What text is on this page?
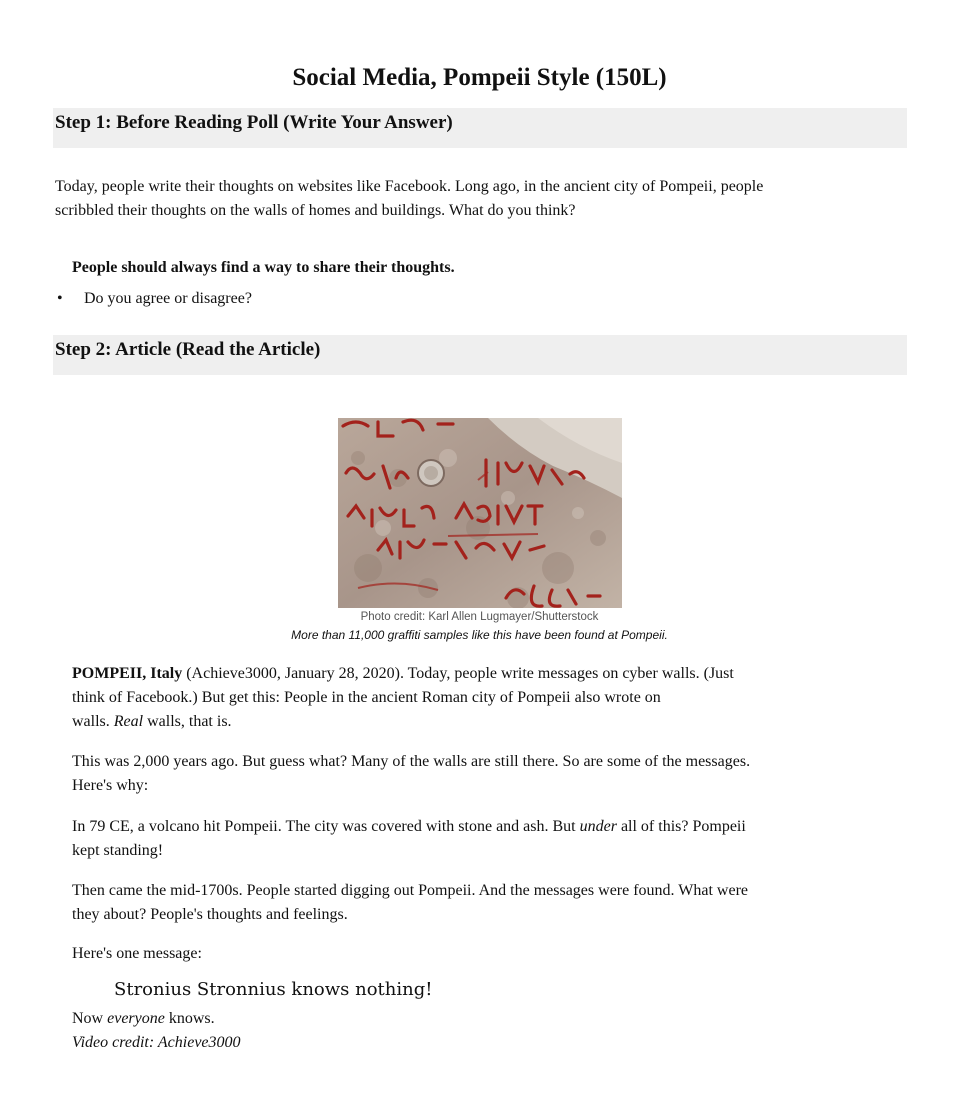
Social Media, Pompeii Style (150L)
Step 1: Before Reading Poll (Write Your Answer)
Today, people write their thoughts on websites like Facebook. Long ago, in the ancient city of Pompeii, people
scribbled their thoughts on the walls of homes and buildings. What do you think?
People should always find a way to share their thoughts.
• Do you agree or disagree?
Step 2: Article (Read the Article)
Photo credit: Karl Allen Lugmayer/Shutterstock
More than 11,000 graffiti samples like this have been found at Pompeii.
POMPEII, Italy (Achieve3000, January 28, 2020). Today, people write messages on cyber walls. (Just
think of Facebook.) But get this: People in the ancient Roman city of Pompeii also wrote on
walls. Real walls, that is.
This was 2,000 years ago. But guess what? Many of the walls are still there. So are some of the messages.
Here's why:
In 79 CE, a volcano hit Pompeii. The city was covered with stone and ash. But under all of this? Pompeii
kept standing!
Then came the mid-1700s. People started digging out Pompeii. And the messages were found. What were
they about? People's thoughts and feelings.
Here's one message:
Stronius Stronnius knows nothing!
Now everyone knows.
Video credit: Achieve3000
